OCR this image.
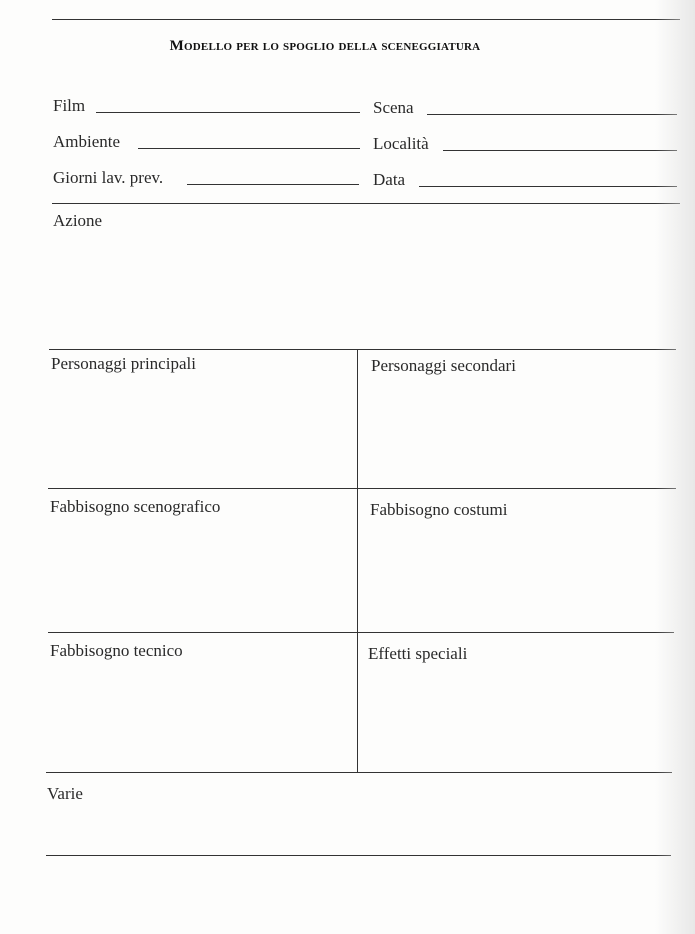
Modello per lo spoglio della sceneggiatura
Film	Scena
Ambiente	Località
Giorni lav. prev.	Data
Azione
Personaggi principali	Personaggi secondari
Fabbisogno scenografico	Fabbisogno costumi
Fabbisogno tecnico	Effetti speciali
Varie
